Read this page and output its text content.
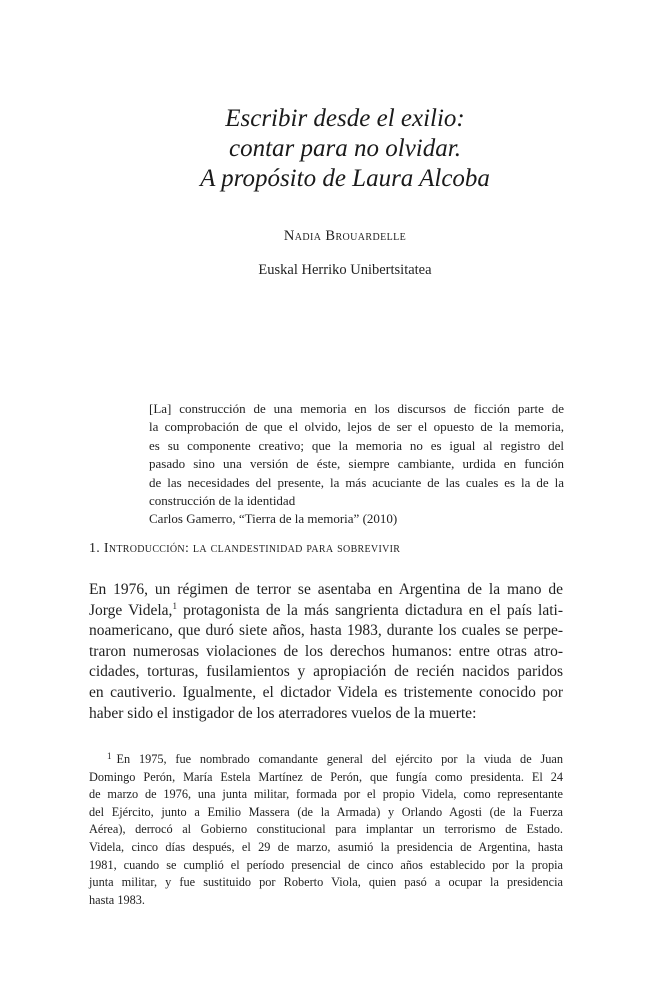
Escribir desde el exilio:
contar para no olvidar.
A propósito de Laura Alcoba
Nadia Brouardelle
Euskal Herriko Unibertsitatea
[La] construcción de una memoria en los discursos de ficción parte de
la comprobación de que el olvido, lejos de ser el opuesto de la memoria,
es su componente creativo; que la memoria no es igual al registro del
pasado sino una versión de éste, siempre cambiante, urdida en función
de las necesidades del presente, la más acuciante de las cuales es la de la
construcción de la identidad
Carlos Gamerro, “Tierra de la memoria” (2010)
1. Introducción: la clandestinidad para sobrevivir
En 1976, un régimen de terror se asentaba en Argentina de la mano de
Jorge Videla,$^1$ protagonista de la más sangrienta dictadura en el país lati-
noamericano, que duró siete años, hasta 1983, durante los cuales se perpe-
traron numerosas violaciones de los derechos humanos: entre otras atro-
cidades, torturas, fusilamientos y apropiación de recién nacidos paridos
en cautiverio. Igualmente, el dictador Videla es tristemente conocido por
haber sido el instigador de los aterradores vuelos de la muerte:
$^1$ En 1975, fue nombrado comandante general del ejército por la viuda de Juan
Domingo Perón, María Estela Martínez de Perón, que fungía como presidenta. El 24
de marzo de 1976, una junta militar, formada por el propio Videla, como representante
del Ejército, junto a Emilio Massera (de la Armada) y Orlando Agosti (de la Fuerza
Aérea), derrocó al Gobierno constitucional para implantar un terrorismo de Estado.
Videla, cinco días después, el 29 de marzo, asumió la presidencia de Argentina, hasta
1981, cuando se cumplió el período presencial de cinco años establecido por la propia
junta militar, y fue sustituido por Roberto Viola, quien pasó a ocupar la presidencia
hasta 1983.
